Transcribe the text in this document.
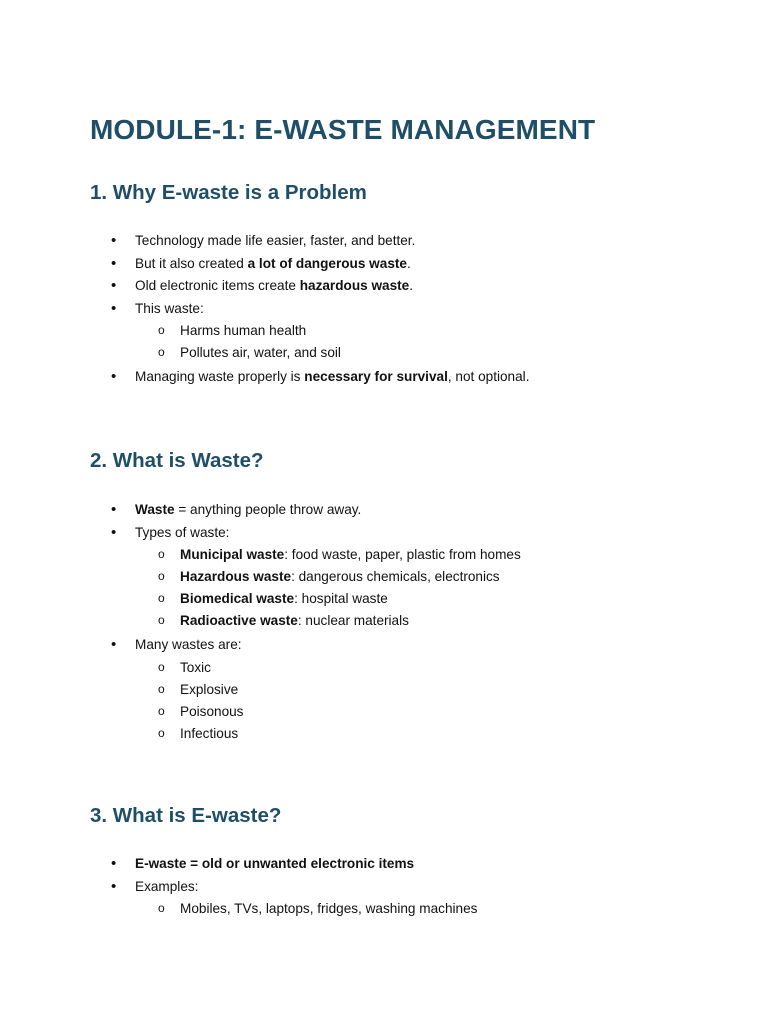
MODULE-1: E-WASTE MANAGEMENT
1. Why E-waste is a Problem
• Technology made life easier, faster, and better.
• But it also created a lot of dangerous waste.
• Old electronic items create hazardous waste.
• This waste:
o Harms human health
o Pollutes air, water, and soil
• Managing waste properly is necessary for survival, not optional.
2. What is Waste?
• Waste = anything people throw away.
• Types of waste:
o Municipal waste: food waste, paper, plastic from homes
o Hazardous waste: dangerous chemicals, electronics
o Biomedical waste: hospital waste
o Radioactive waste: nuclear materials
• Many wastes are:
o Toxic
o Explosive
o Poisonous
o Infectious
3. What is E-waste?
• E-waste = old or unwanted electronic items
• Examples:
o Mobiles, TVs, laptops, fridges, washing machines
